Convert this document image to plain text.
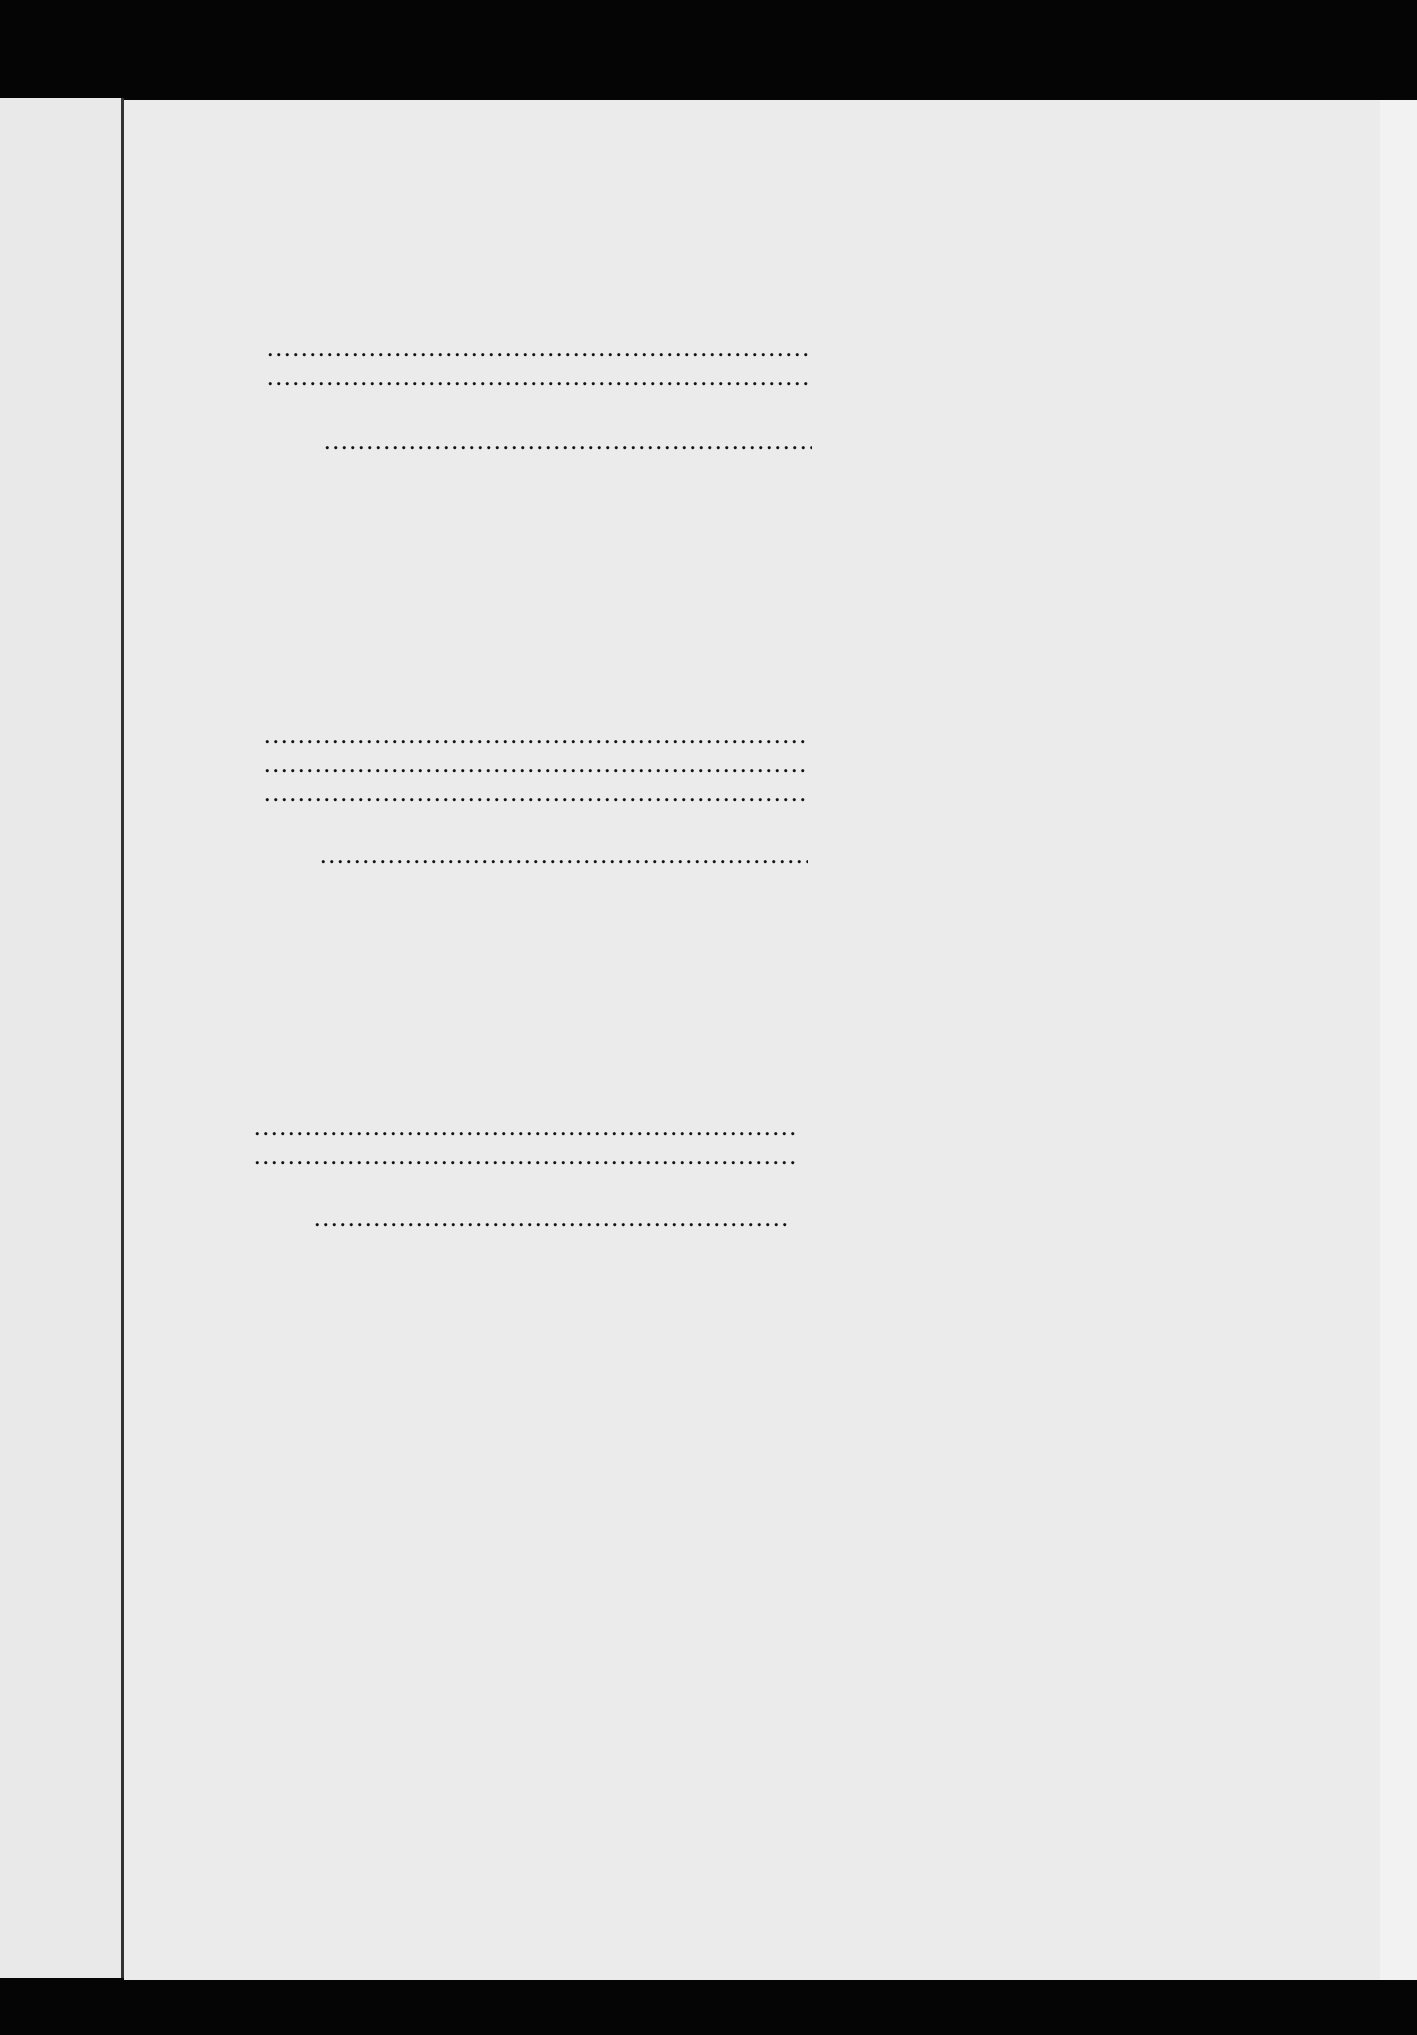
.....
.....
.....

.....
.....
.....
.....

.....
.....
.....
